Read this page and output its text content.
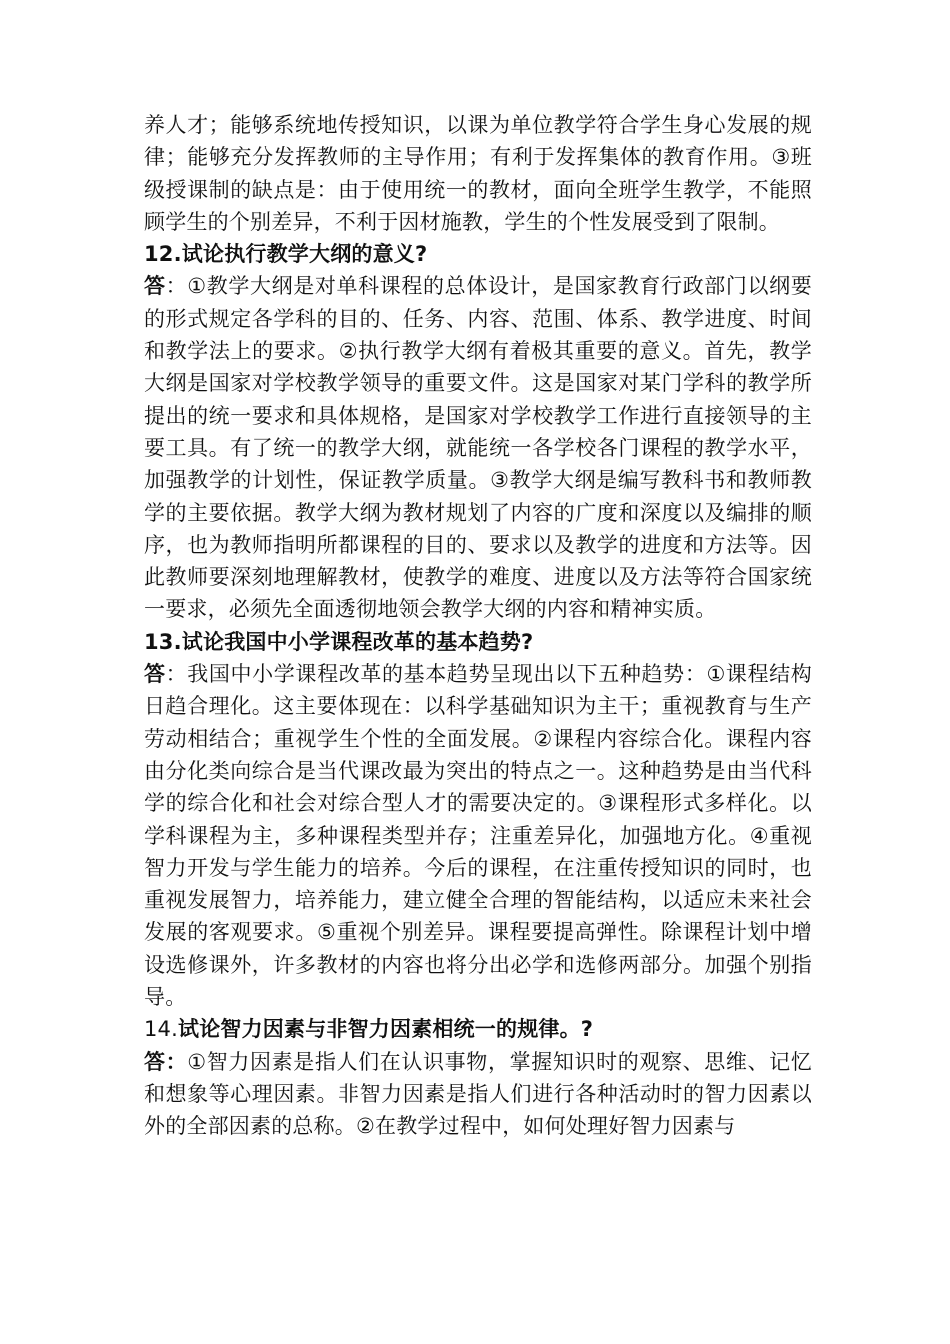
养人才；能够系统地传授知识，以课为单位教学符合学生身心发展的规律；能够充分发挥教师的主导作用；有利于发挥集体的教育作用。③班级授课制的缺点是：由于使用统一的教材，面向全班学生教学，不能照顾学生的个别差异，不利于因材施教，学生的个性发展受到了限制。

12.试论执行教学大纲的意义?

答：①教学大纲是对单科课程的总体设计，是国家教育行政部门以纲要的形式规定各学科的目的、任务、内容、范围、体系、教学进度、时间和教学法上的要求。②执行教学大纲有着极其重要的意义。首先，教学大纲是国家对学校教学领导的重要文件。这是国家对某门学科的教学所提出的统一要求和具体规格，是国家对学校教学工作进行直接领导的主要工具。有了统一的教学大纲，就能统一各学校各门课程的教学水平，加强教学的计划性，保证教学质量。③教学大纲是编写教科书和教师教学的主要依据。教学大纲为教材规划了内容的广度和深度以及编排的顺序，也为教师指明所都课程的目的、要求以及教学的进度和方法等。因此教师要深刻地理解教材，使教学的难度、进度以及方法等符合国家统一要求，必须先全面透彻地领会教学大纲的内容和精神实质。

13.试论我国中小学课程改革的基本趋势?

答：我国中小学课程改革的基本趋势呈现出以下五种趋势：①课程结构日趋合理化。这主要体现在：以科学基础知识为主干；重视教育与生产劳动相结合；重视学生个性的全面发展。②课程内容综合化。课程内容由分化类向综合是当代课改最为突出的特点之一。这种趋势是由当代科学的综合化和社会对综合型人才的需要决定的。③课程形式多样化。以学科课程为主，多种课程类型并存；注重差异化，加强地方化。④重视智力开发与学生能力的培养。今后的课程，在注重传授知识的同时，也重视发展智力，培养能力，建立健全合理的智能结构，以适应未来社会发展的客观要求。⑤重视个别差异。课程要提高弹性。除课程计划中增设选修课外，许多教材的内容也将分出必学和选修两部分。加强个别指导。

14.试论智力因素与非智力因素相统一的规律。?

答：①智力因素是指人们在认识事物，掌握知识时的观察、思维、记忆和想象等心理因素。非智力因素是指人们进行各种活动时的智力因素以外的全部因素的总称。②在教学过程中，如何处理好智力因素与
